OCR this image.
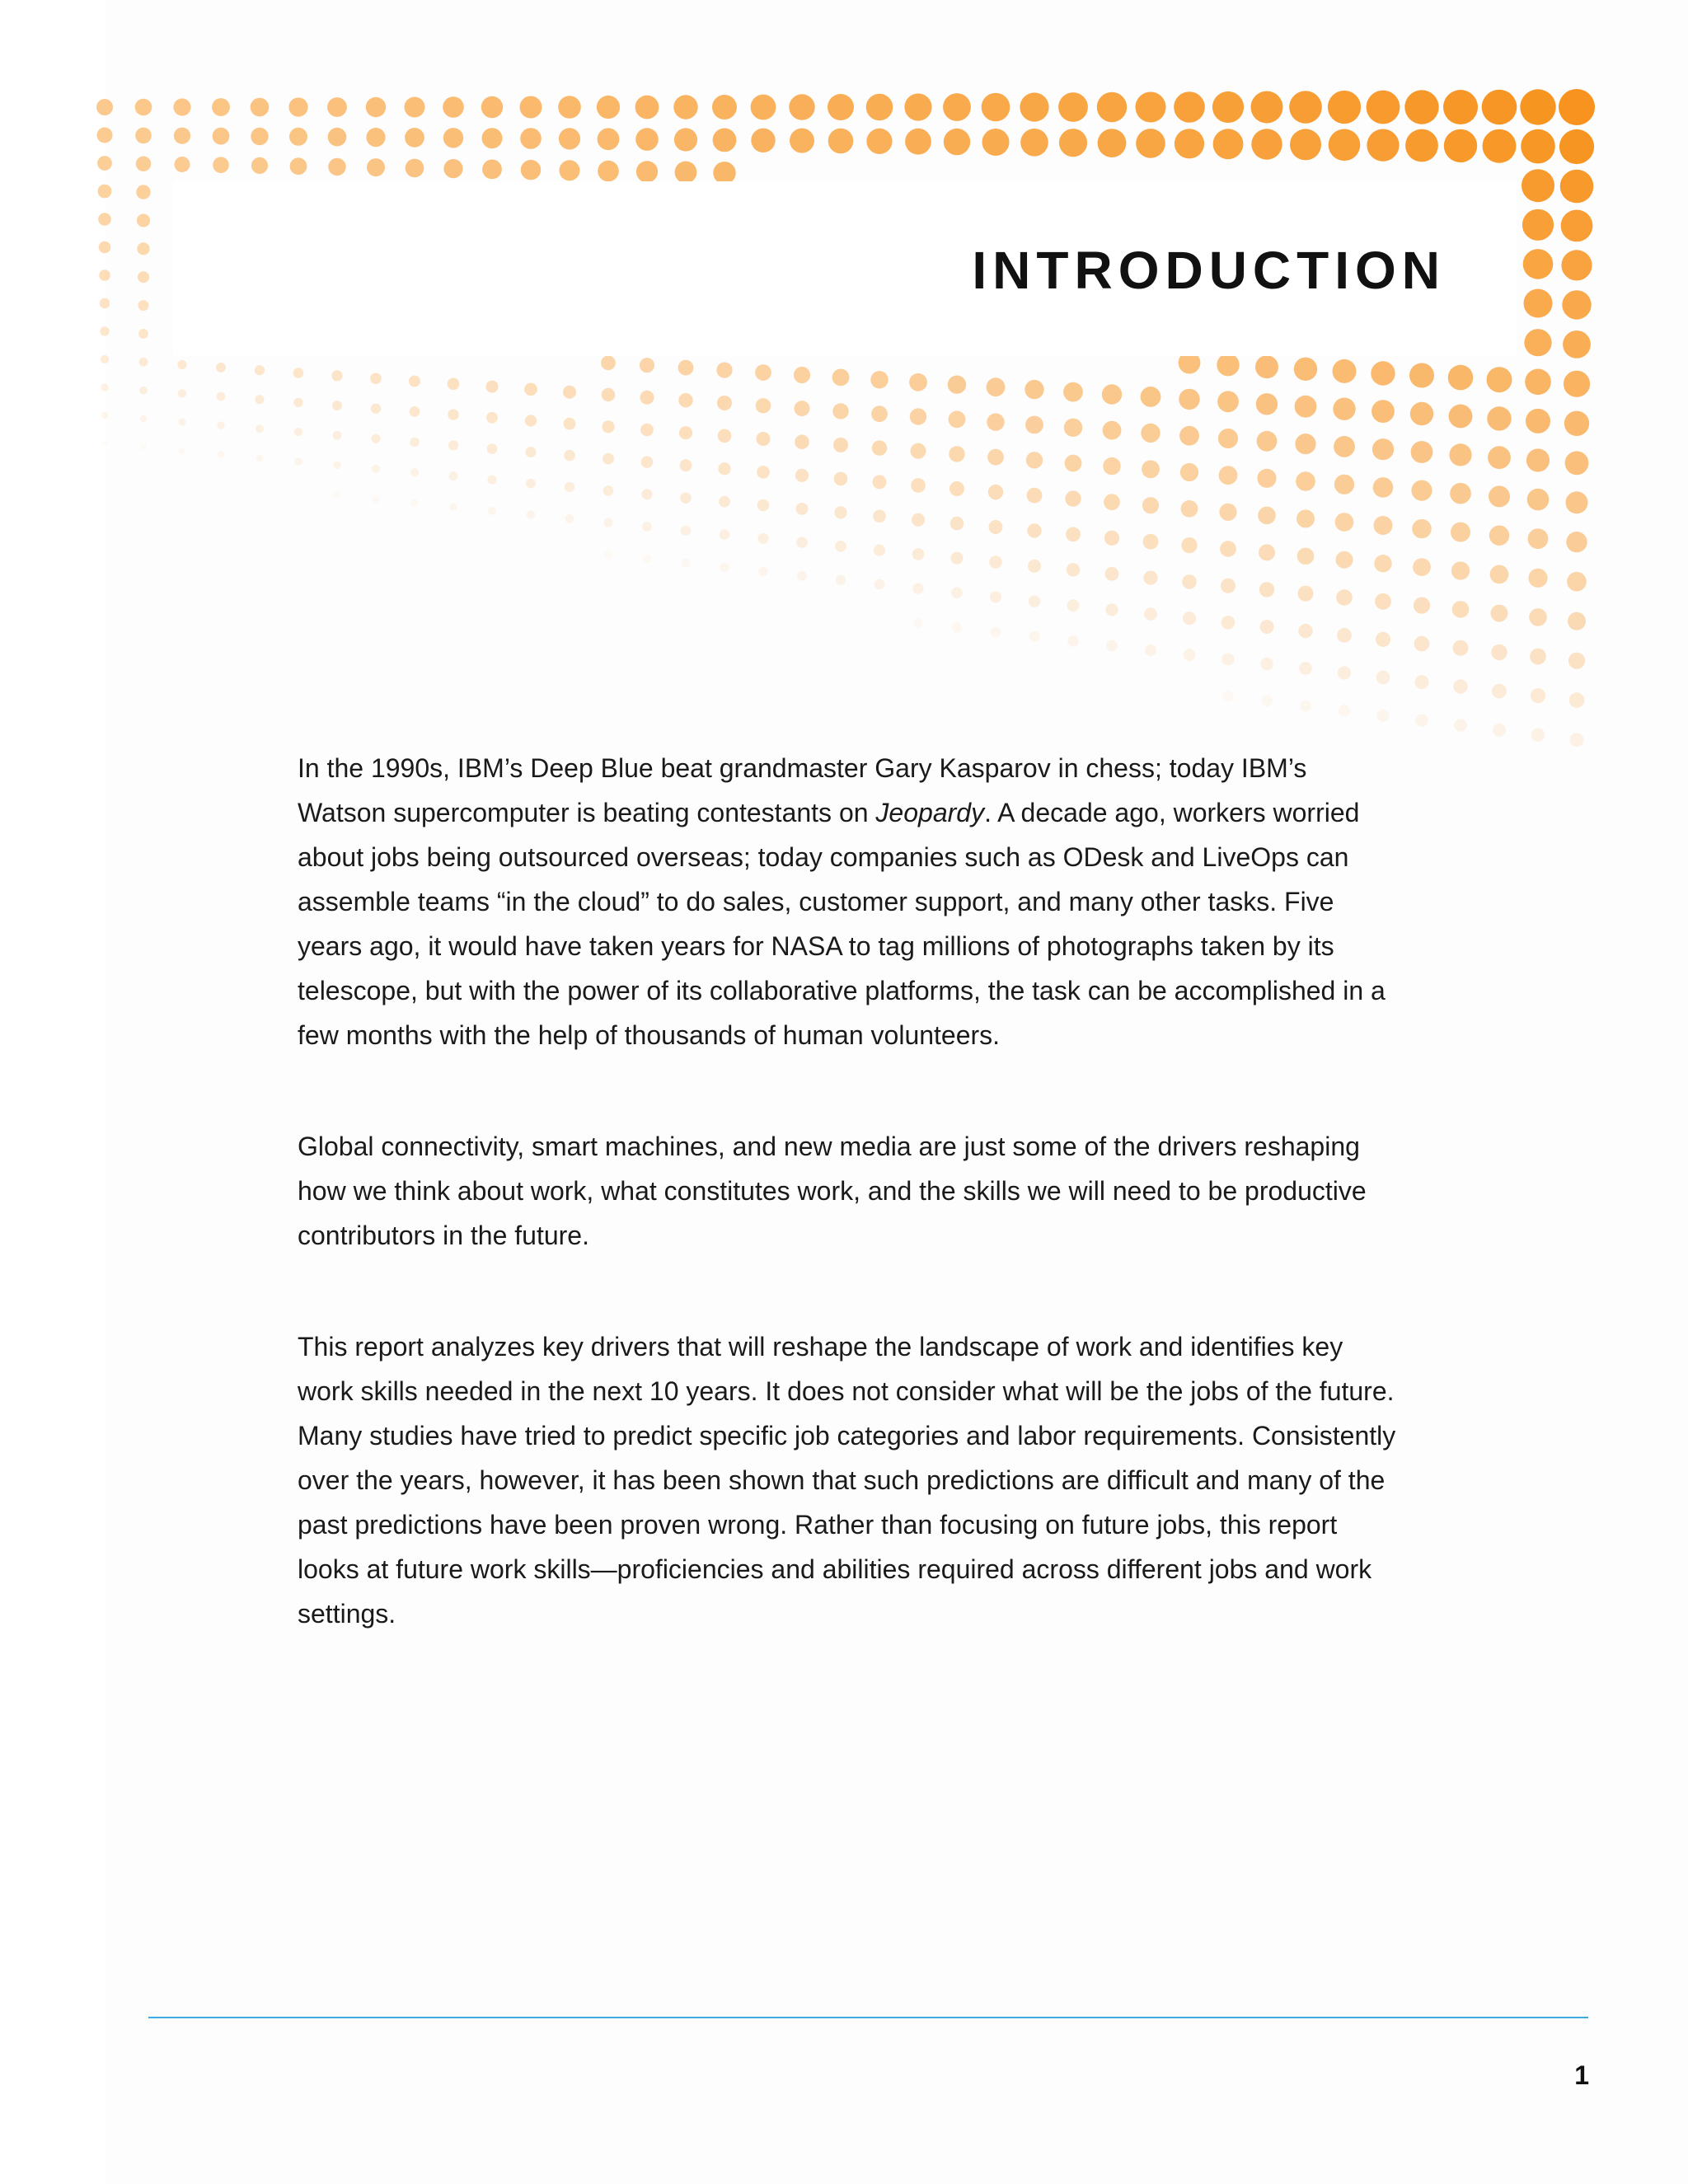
INTRODUCTION

In the 1990s, IBM’s Deep Blue beat grandmaster Gary Kasparov in chess; today IBM’s Watson supercomputer is beating contestants on Jeopardy. A decade ago, workers worried about jobs being outsourced overseas; today companies such as ODesk and LiveOps can assemble teams “in the cloud” to do sales, customer support, and many other tasks. Five years ago, it would have taken years for NASA to tag millions of photographs taken by its telescope, but with the power of its collaborative platforms, the task can be accomplished in a few months with the help of thousands of human volunteers.

Global connectivity, smart machines, and new media are just some of the drivers reshaping how we think about work, what constitutes work, and the skills we will need to be productive contributors in the future.

This report analyzes key drivers that will reshape the landscape of work and identifies key work skills needed in the next 10 years. It does not consider what will be the jobs of the future. Many studies have tried to predict specific job categories and labor requirements. Consistently over the years, however, it has been shown that such predictions are difficult and many of the past predictions have been proven wrong. Rather than focusing on future jobs, this report looks at future work skills—proficiencies and abilities required across different jobs and work settings.

1
